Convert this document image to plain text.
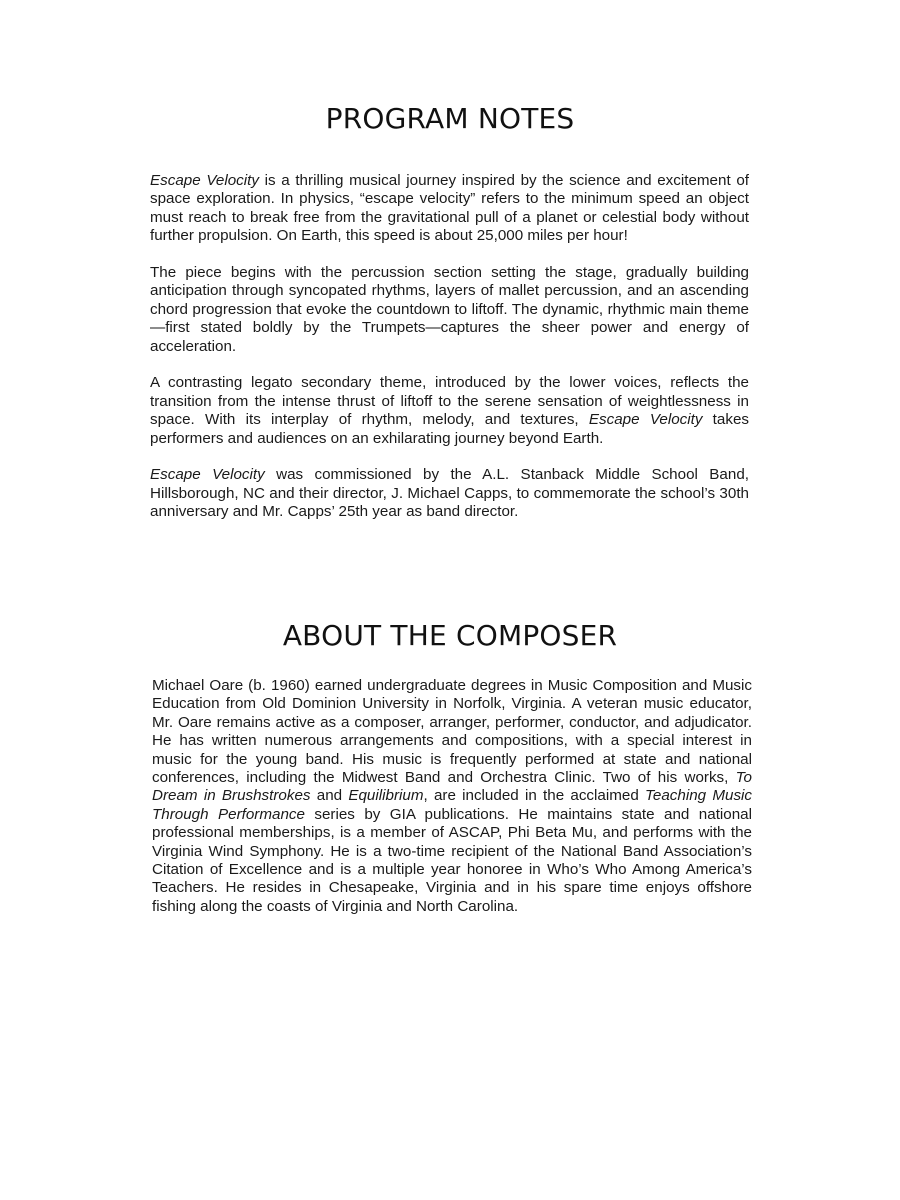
PROGRAM NOTES

Escape Velocity is a thrilling musical journey inspired by the science and excitement of space exploration. In physics, “escape velocity” refers to the minimum speed an object must reach to break free from the gravitational pull of a planet or celestial body without further propulsion. On Earth, this speed is about 25,000 miles per hour!

The piece begins with the percussion section setting the stage, gradually building anticipation through syncopated rhythms, layers of mallet percussion, and an ascending chord progression that evoke the countdown to liftoff. The dynamic, rhythmic main theme—first stated boldly by the Trumpets—captures the sheer power and energy of acceleration.

A contrasting legato secondary theme, introduced by the lower voices, reflects the transition from the intense thrust of liftoff to the serene sensation of weightlessness in space. With its interplay of rhythm, melody, and textures, Escape Velocity takes performers and audiences on an exhilarating journey beyond Earth.

Escape Velocity was commissioned by the A.L. Stanback Middle School Band, Hillsborough, NC and their director, J. Michael Capps, to commemorate the school’s 30th anniversary and Mr. Capps’ 25th year as band director.

ABOUT THE COMPOSER

Michael Oare (b. 1960) earned undergraduate degrees in Music Composition and Music Education from Old Dominion University in Norfolk, Virginia. A veteran music educator, Mr. Oare remains active as a composer, arranger, performer, conductor, and adjudicator. He has written numerous arrangements and compositions, with a special interest in music for the young band. His music is frequently performed at state and national conferences, including the Midwest Band and Orchestra Clinic. Two of his works, To Dream in Brushstrokes and Equilibrium, are included in the acclaimed Teaching Music Through Performance series by GIA publications. He maintains state and national professional memberships, is a member of ASCAP, Phi Beta Mu, and performs with the Virginia Wind Symphony. He is a two-time recipient of the National Band Association’s Citation of Excellence and is a multiple year honoree in Who’s Who Among America’s Teachers. He resides in Chesapeake, Virginia and in his spare time enjoys offshore fishing along the coasts of Virginia and North Carolina.
